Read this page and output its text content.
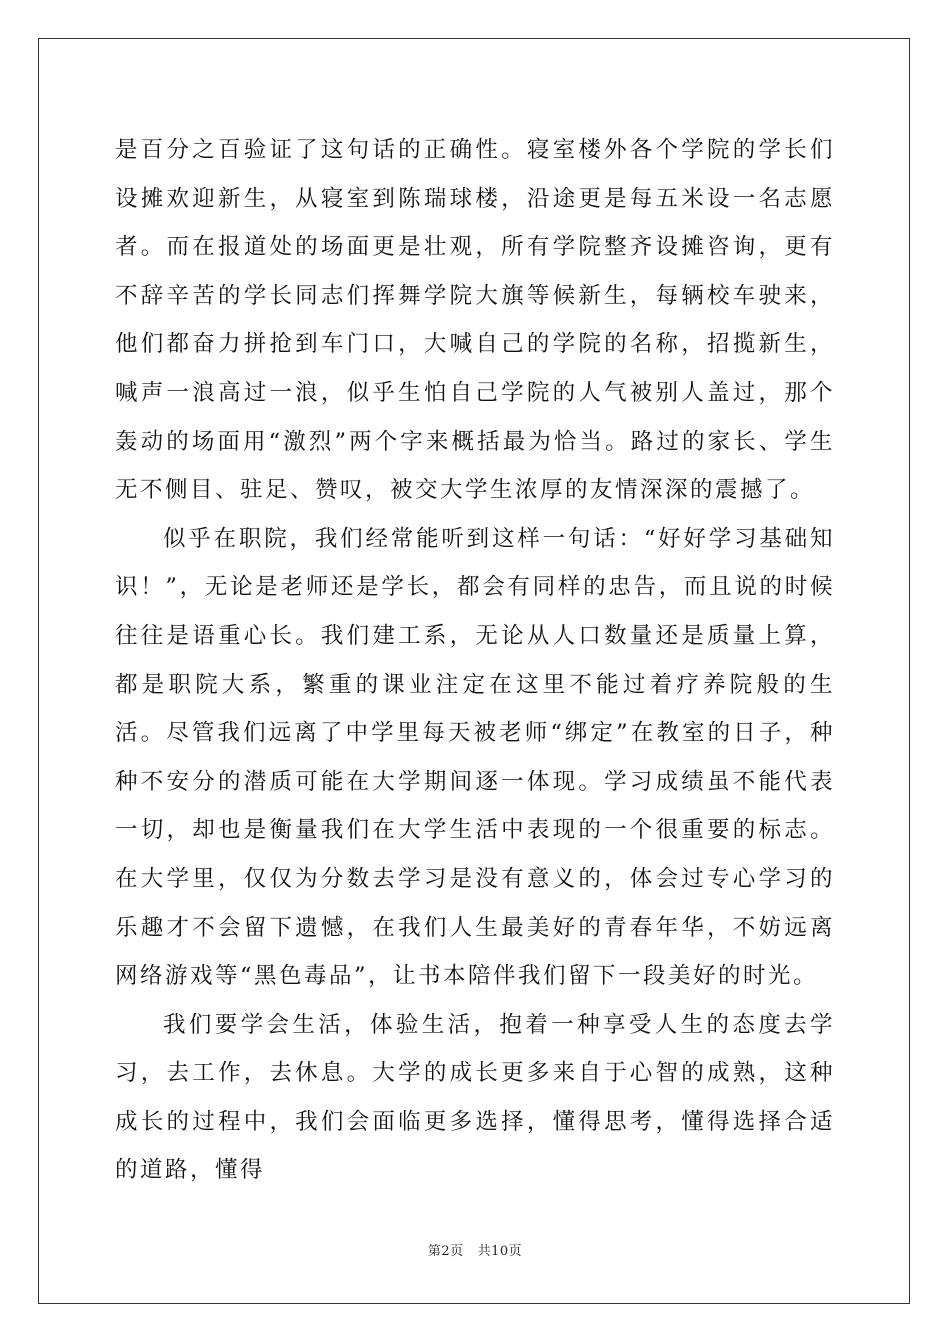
是百分之百验证了这句话的正确性。寝室楼外各个学院的学长们设摊欢迎新生，从寝室到陈瑞球楼，沿途更是每五米设一名志愿者。而在报道处的场面更是壮观，所有学院整齐设摊咨询，更有不辞辛苦的学长同志们挥舞学院大旗等候新生，每辆校车驶来，他们都奋力拼抢到车门口，大喊自己的学院的名称，招揽新生，喊声一浪高过一浪，似乎生怕自己学院的人气被别人盖过，那个轰动的场面用“激烈”两个字来概括最为恰当。路过的家长、学生无不侧目、驻足、赞叹，被交大学生浓厚的友情深深的震撼了。

似乎在职院，我们经常能听到这样一句话：“好好学习基础知识！”，无论是老师还是学长，都会有同样的忠告，而且说的时候往往是语重心长。我们建工系，无论从人口数量还是质量上算，都是职院大系，繁重的课业注定在这里不能过着疗养院般的生活。尽管我们远离了中学里每天被老师“绑定”在教室的日子，种种不安分的潜质可能在大学期间逐一体现。学习成绩虽不能代表一切，却也是衡量我们在大学生活中表现的一个很重要的标志。在大学里，仅仅为分数去学习是没有意义的，体会过专心学习的乐趣才不会留下遗憾，在我们人生最美好的青春年华，不妨远离网络游戏等“黑色毒品”，让书本陪伴我们留下一段美好的时光。

我们要学会生活，体验生活，抱着一种享受人生的态度去学习，去工作，去休息。大学的成长更多来自于心智的成熟，这种成长的过程中，我们会面临更多选择，懂得思考，懂得选择合适的道路，懂得

第2页 共10页
